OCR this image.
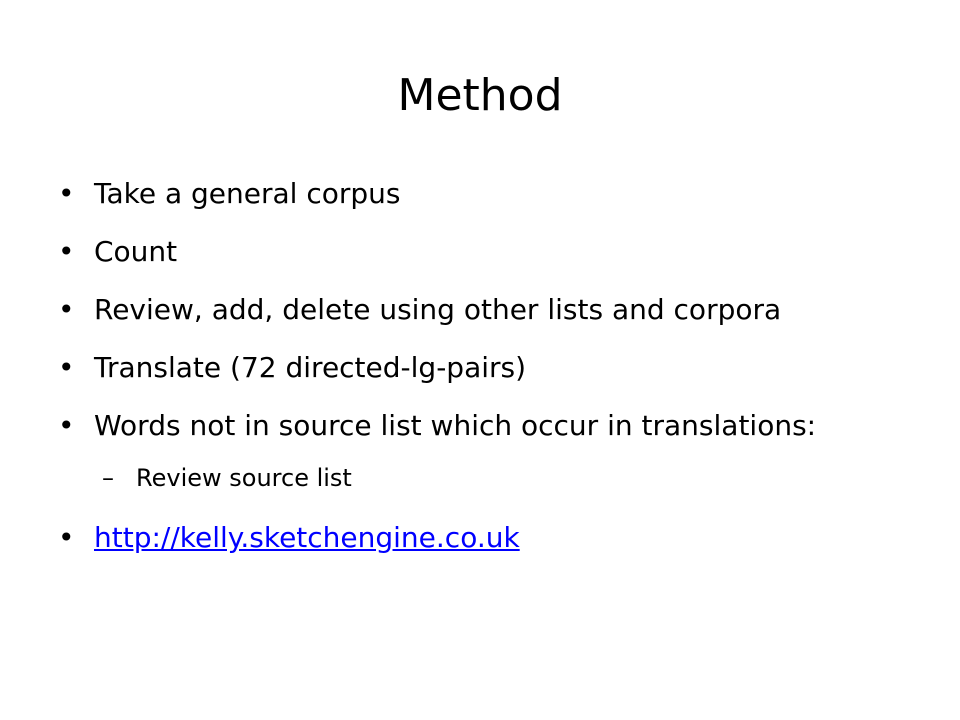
Method
• Take a general corpus
• Count
• Review, add, delete using other lists and corpora
• Translate (72 directed-lg-pairs)
• Words not in source list which occur in translations:
– Review source list
• http://kelly.sketchengine.co.uk
